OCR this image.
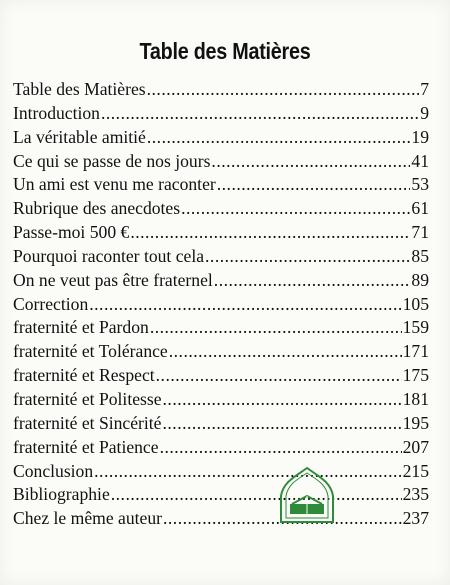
Table des Matières
Table des Matières .....	7
Introduction .....	9
La véritable amitié .....	19
Ce qui se passe de nos jours .....	41
Un ami est venu me raconter .....	53
Rubrique des anecdotes .....	61
Passe-moi 500 € .....	71
Pourquoi raconter tout cela .....	85
On ne veut pas être fraternel .....	89
Correction .....	105
fraternité et Pardon .....	159
fraternité et Tolérance .....	171
fraternité et Respect .....	175
fraternité et Politesse .....	181
fraternité et Sincérité .....	195
fraternité et Patience .....	207
Conclusion .....	215
Bibliographie .....	235
Chez le même auteur .....	237
